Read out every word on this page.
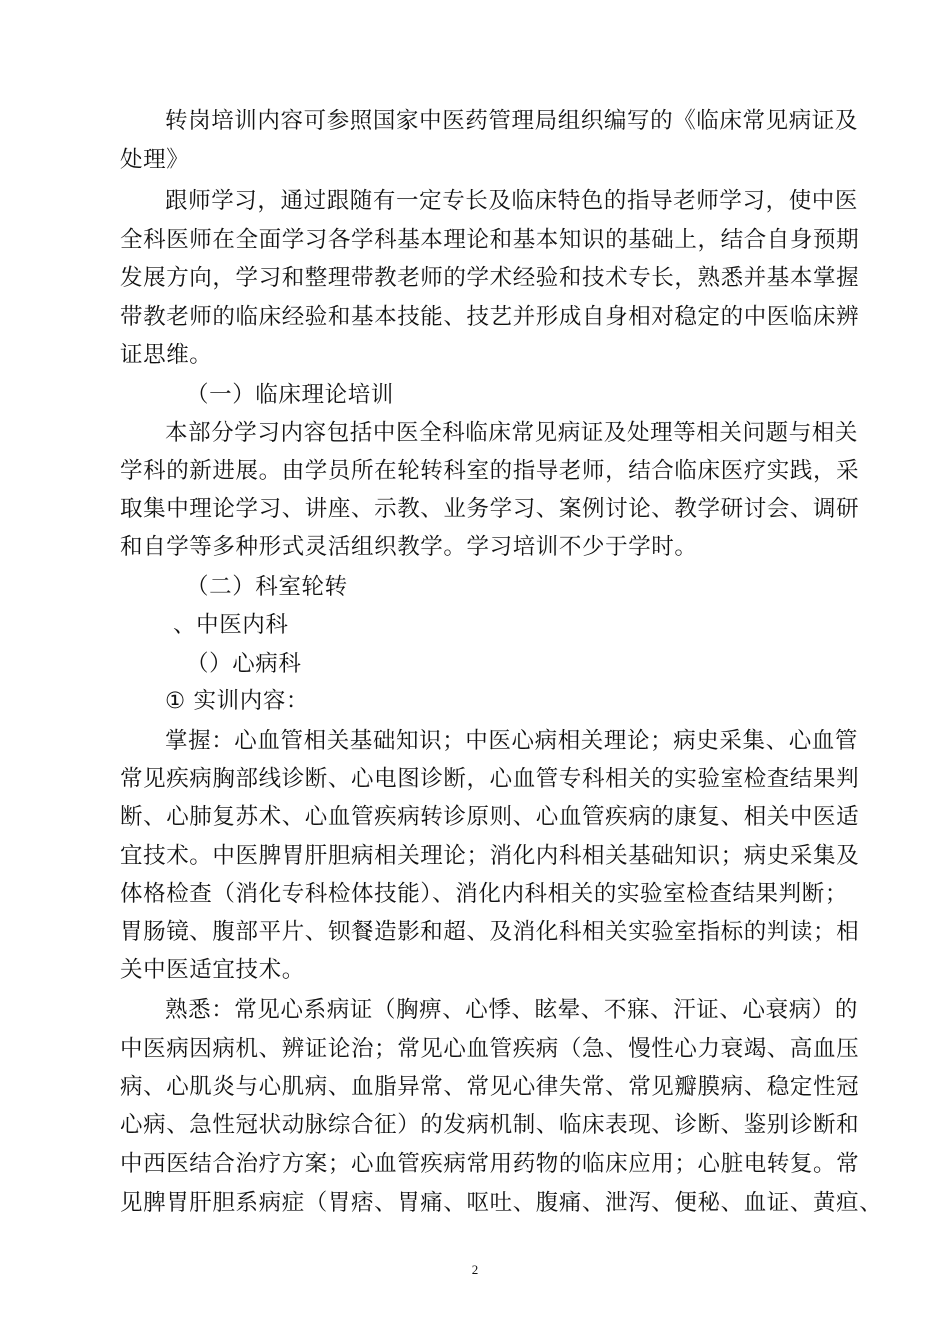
转岗培训内容可参照国家中医药管理局组织编写的《临床常见病证及
处理》
跟师学习，通过跟随有一定专长及临床特色的指导老师学习，使中医
全科医师在全面学习各学科基本理论和基本知识的基础上，结合自身预期
发展方向，学习和整理带教老师的学术经验和技术专长，熟悉并基本掌握
带教老师的临床经验和基本技能、技艺并形成自身相对稳定的中医临床辨
证思维。
（一）临床理论培训
本部分学习内容包括中医全科临床常见病证及处理等相关问题与相关
学科的新进展。由学员所在轮转科室的指导老师，结合临床医疗实践，采
取集中理论学习、讲座、示教、业务学习、案例讨论、教学研讨会、调研
和自学等多种形式灵活组织教学。学习培训不少于学时。
（二）科室轮转
、中医内科
（）心病科
① 实训内容：
掌握：心血管相关基础知识；中医心病相关理论；病史采集、心血管
常见疾病胸部线诊断、心电图诊断，心血管专科相关的实验室检查结果判
断、心肺复苏术、心血管疾病转诊原则、心血管疾病的康复、相关中医适
宜技术。中医脾胃肝胆病相关理论；消化内科相关基础知识；病史采集及
体格检查（消化专科检体技能）、消化内科相关的实验室检查结果判断；
胃肠镜、腹部平片、钡餐造影和超、及消化科相关实验室指标的判读；相
关中医适宜技术。
熟悉：常见心系病证（胸痹、心悸、眩晕、不寐、汗证、心衰病）的
中医病因病机、辨证论治；常见心血管疾病（急、慢性心力衰竭、高血压
病、心肌炎与心肌病、血脂异常、常见心律失常、常见瓣膜病、稳定性冠
心病、急性冠状动脉综合征）的发病机制、临床表现、诊断、鉴别诊断和
中西医结合治疗方案；心血管疾病常用药物的临床应用；心脏电转复。常
见脾胃肝胆系病症（胃痞、胃痛、呕吐、腹痛、泄泻、便秘、血证、黄疸、
2
